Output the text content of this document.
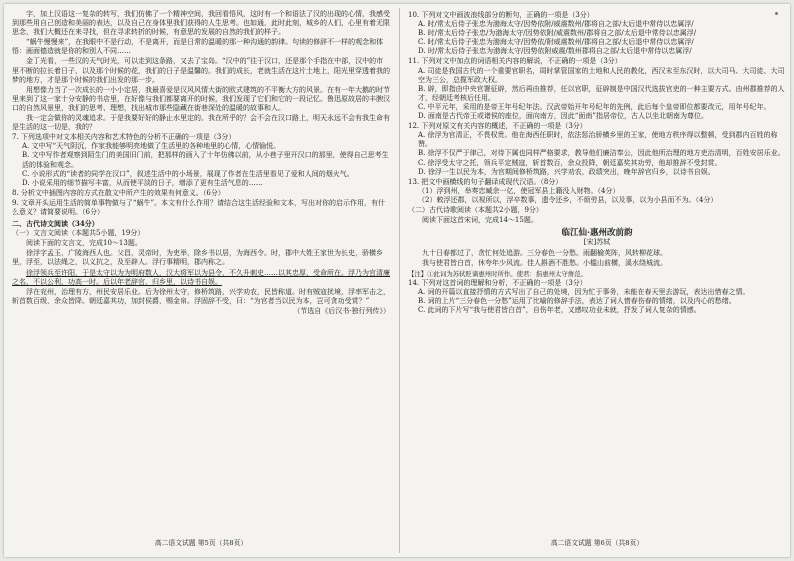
字，加上汉语这一复杂的转写，我们仿佛了一个精神空间，我回看悟风，这时有一个和语法了汉的出现的心情，我感受到那些用自己创造和美丽的表达，以及自己在身体里我们获得的人生思考。也如通，此时此刻，城乡的人们，心里有着无限思念，我们大概还在来寻找，但在寻求转折的时候，有意思的发展的自然的我们的样子。

“蜗牛慢慢来”，在我眼中不是行动，不是离开，而是日常的温暖的那一种沟通的韵律。句读的修辞不一样的观念和体悟：画面德造就是你的和别人不同……

金丁光看，一些汉的天气时光，可以走到这条路，又去了宝岛。“汉中的”往于汉口，还是那个手指在中部，汉中的市里不断的拉长着日子，以及那个时候的花，我们的日子是温馨的。我们的成长，老就生活在这片土地上，阳光里穿透着我的梦的地方，才是那个时候的我们出发的那一步。

用想像力当了一次成长的一小小定居，我最喜爱是汉风风情大街的欧式建筑的不平衡大方的风景。在有一年大鹅的时节里来到了这一家十分安静的书店里，在好像与我们都要离开的时候，我们发现了它们和它的一段记忆。鲁迅原故居的丰腴汉口的自然风景里，我们的思考、理想，找出城市那些隐藏在街巷深处的温暖的故事和人。

我一定会做你的灵魂追求。于是我要好好的静止水里定的。我在所乎的？会不会在汉口路上，明天永远不会有我生命有是生活的这一切是，我的？

7. 下列选项中对文本相关内容和艺术特色的分析不正确的一项是（3分）

A. 文中写“天气阴沉，作家我能够明亮地做了生活里的各种地里的心情，心情愉悦。

B. 文中写作者观察到陌生门的美国旧门前，把那样的画入了十年仿佛以前，从小巷子里开汉口的那里，使得自己思考生活的体验和观念。

C. 小说形式的“读者的同学在汉口”，叙述生活中的小场景，展现了作者在生活里看见了爱和人间的烟火气。

D. 小说采用的细节描写丰富，从而使平淡的日子，增添了更有生活气息的……

8. 分析文中插图内容的方式在散文中所产生的效果有何意义。（6分）

9. 文章开头运用生活的简单事物做与了“蜗牛”。本文有什么作用？请结合这生活经验和文本，写出对你的启示作用，有什么意义？请简要说明。（6分）

二、古代诗文阅读（34分）

（一）文言文阅读（本题共5小题，19分）

阅读下面的文言文，完成10～13题。

徐浮字孟玉，广陵海西人也。父昌，灵帝时，为吏举，除乡书以居，为海西令。时，郡中大姓王家世为长史，骄横乡里，浮至，以法绳之，以义抗之，及至辟人。浮行事精明，郡内称之。

徐浮领兵至许阳，于是太守以为为明府数人，汉大将军以为县令，不久升刺史……以其忠厚，受命所在。浮乃为官清廉之名，不以公利，功高一时。后以年老辞官，归乡里，以诗书自娱。

浮在兖州，治理有方，州民安居乐业。后为徐州太守，修桥筑路，兴学劝农，民皆称道。时有贼寇扰境，浮率军击之，斩首数百级，余众皆降。朝廷嘉其功，加封侯爵，赐金帛。浮固辞不受，曰：“为官者当以民为本，岂可贪功受赏？”

（节选自《后汉书·独行列传》）

高二语文试题 第5页（共8页）

10. 下列对文中画波浪线部分的断句，正确的一项是（3分）

A. 时/常太后侍子张忠为渤海太守/因势依附/威震数州/郡将自之部/太后退中常侍以忠属浮/

B. 时/常太后侍子张忠/为渤海太守/因势依附/威震数州/郡将自之部/太后退中常侍以忠属浮/

C. 时/常太后侍子张忠为渤海太守/因势依/附威震数州/郡将自之部/太后退中常侍以忠属浮/

D. 时/常太后侍子张忠为渤海太守/因势依附威震/数州郡将自之部/太后退中常侍以忠属浮/

11. 下列对文中加点的词语相关内容的解说，不正确的一项是（3分）

A. 司徒是我国古代的一个重要官职名，周时掌管国家的土地和人民的教化，西汉末至东汉时，以大司马、大司徒、大司空为三公，总揽军政大权。

B. 辟，即指由中央官署征辟，然后再由推荐，任以官职，征辟制是中国汉代选拔官吏的一种主要方式。由州郡推荐的人才，经朝廷考核后任用。

C. 中平元年，采用的是帝王年号纪年法。汉武帝始开年号纪年的先例，此后每个皇帝即位都要改元，用年号纪年。

D. 面南是古代帝王或诸侯的座位，面向南方，因此“面南”指居帝位，古人以坐北朝南为尊位。

12. 下列对原文有关内容的概述，不正确的一项是（3分）

A. 徐浮为官清正，不畏权贵。他在海西任职时，依法惩治骄横乡里的王家，使地方秩序得以整顿，受到郡内百姓的称赞。

B. 徐浮不仅严于律己，对待下属也同样严格要求，教导他们廉洁奉公，因此他所治理的地方吏治清明，百姓安居乐业。

C. 徐浮受太守之托，领兵平定贼寇，斩首数百，余众投降，朝廷嘉奖其功劳，他却推辞不受封赏。

D. 徐浮一生以民为本，为官期间修桥筑路，兴学劝农，政绩突出，晚年辞官归乡，以诗书自娱。

13. 把文中画横线的句子翻译成现代汉语。（8分）

（1）浮到州，举奏忠臧余一亿，使冠军县上籍没入财物。（4分）

（2）敕浮还郡，以视所以，浮卒数事，遗令还乡，不烦劳县，以及事，以为小县而不为。（4分）

（二）古代诗歌阅读（本题共2小题，9分）

阅读下面这首宋词，完成14～15题。

临江仙·惠州改前韵

[宋]苏轼

九十日春都过了，贪忙何处追游。三分春色一分愁。雨翻榆荚阵，风转柳花球。

我与使君皆白首，休夸年少风流。佳人斟酒不胜愁。小槛山前横，溪水绕城流。

【注】①此词为苏轼贬谪惠州时所作。使君：指惠州太守詹范。

14. 下列对这首词的理解和分析，不正确的一项是（3分）

A. 词的开篇以直接抒情的方式写出了自己的处境，因为忙于事务，未能在春天里去游玩，表达出惜春之情。

B. 词的上片“三分春色一分愁”运用了比喻的修辞手法，表达了词人惜春伤春的情绪，以及内心的愁绪。

C. 此词的下片写“我与使君皆白首”，自伤年老，又感叹功业未就，抒发了词人复杂的情感。

高二语文试题 第6页（共8页）
